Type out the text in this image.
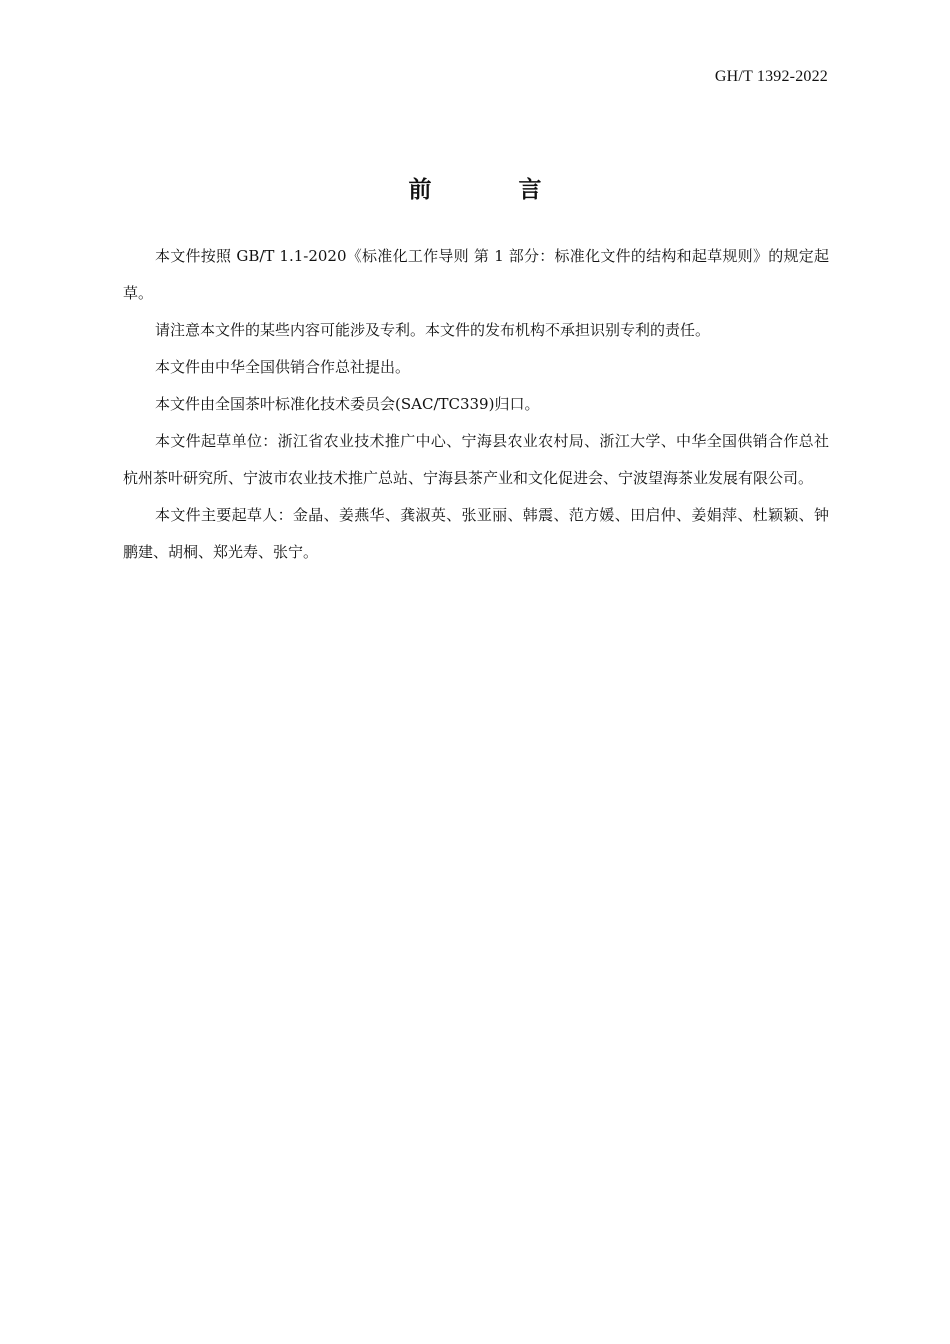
GH/T 1392-2022
前　言

本文件按照 GB/T 1.1-2020《标准化工作导则 第 1 部分：标准化文件的结构和起草规则》的规定起草。

请注意本文件的某些内容可能涉及专利。本文件的发布机构不承担识别专利的责任。

本文件由中华全国供销合作总社提出。

本文件由全国茶叶标准化技术委员会(SAC/TC339)归口。

本文件起草单位：浙江省农业技术推广中心、宁海县农业农村局、浙江大学、中华全国供销合作总社杭州茶叶研究所、宁波市农业技术推广总站、宁海县茶产业和文化促进会、宁波望海茶业发展有限公司。

本文件主要起草人：金晶、姜燕华、龚淑英、张亚丽、韩震、范方媛、田启仲、姜娟萍、杜颖颖、钟鹏建、胡桐、郑光寿、张宁。
